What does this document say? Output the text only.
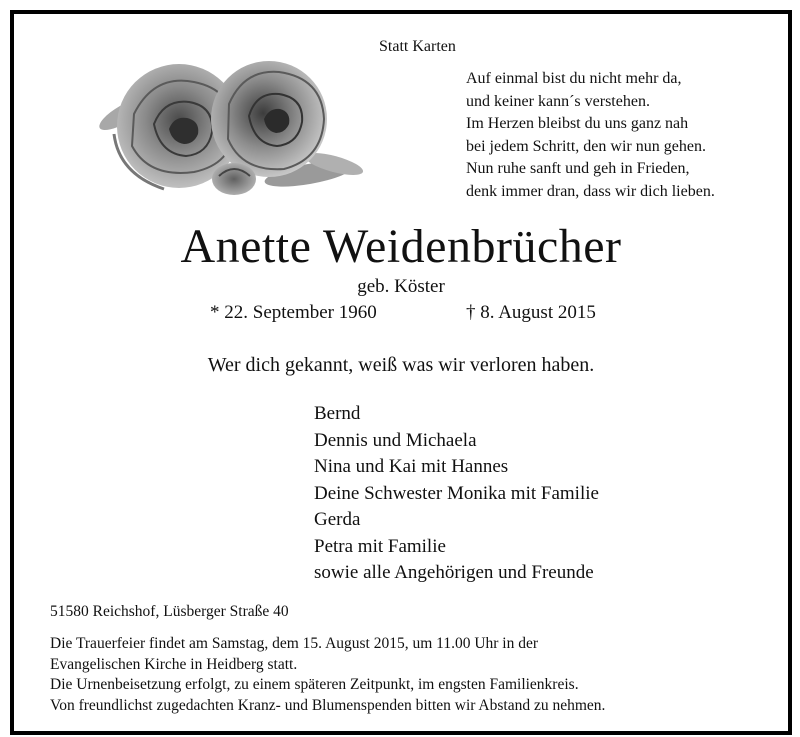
Statt Karten
Auf einmal bist du nicht mehr da,
und keiner kann´s verstehen.
Im Herzen bleibst du uns ganz nah
bei jedem Schritt, den wir nun gehen.
Nun ruhe sanft und geh in Frieden,
denk immer dran, dass wir dich lieben.
Anette Weidenbrücher
geb. Köster
* 22. September 1960	† 8. August 2015
Wer dich gekannt, weiß was wir verloren haben.
Bernd
Dennis und Michaela
Nina und Kai mit Hannes
Deine Schwester Monika mit Familie
Gerda
Petra mit Familie
sowie alle Angehörigen und Freunde
51580 Reichshof, Lüsberger Straße 40
Die Trauerfeier findet am Samstag, dem 15. August 2015, um 11.00 Uhr in der
Evangelischen Kirche in Heidberg statt.
Die Urnenbeisetzung erfolgt, zu einem späteren Zeitpunkt, im engsten Familienkreis.
Von freundlichst zugedachten Kranz- und Blumenspenden bitten wir Abstand zu nehmen.
